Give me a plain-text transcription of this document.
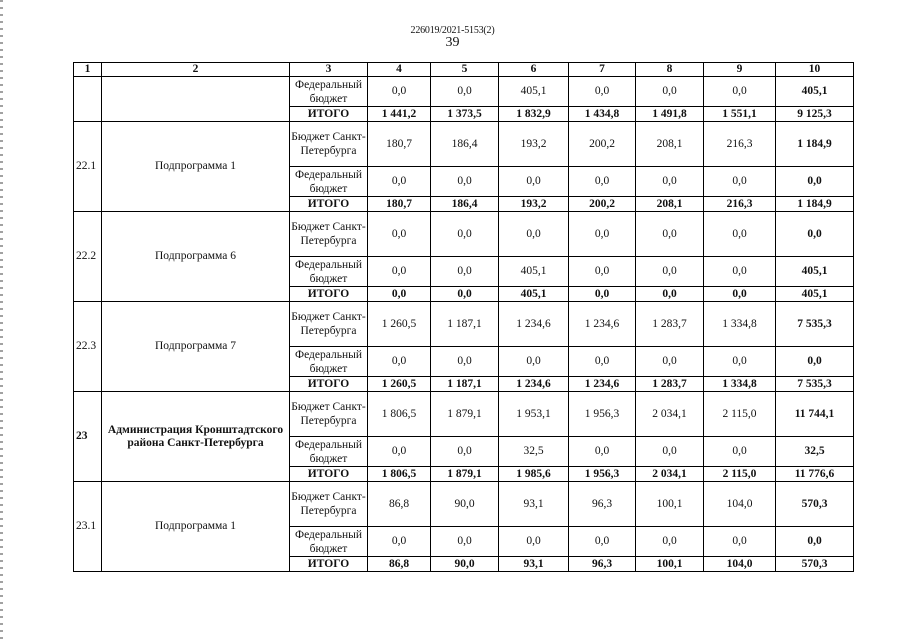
226019/2021-5153(2)
39
1	2	3	4	5	6	7	8	9	10
		Федеральный бюджет	0,0	0,0	405,1	0,0	0,0	0,0	405,1
		ИТОГО	1 441,2	1 373,5	1 832,9	1 434,8	1 491,8	1 551,1	9 125,3
22.1	Подпрограмма 1	Бюджет Санкт-Петербурга	180,7	186,4	193,2	200,2	208,1	216,3	1 184,9
		Федеральный бюджет	0,0	0,0	0,0	0,0	0,0	0,0	0,0
		ИТОГО	180,7	186,4	193,2	200,2	208,1	216,3	1 184,9
22.2	Подпрограмма 6	Бюджет Санкт-Петербурга	0,0	0,0	0,0	0,0	0,0	0,0	0,0
		Федеральный бюджет	0,0	0,0	405,1	0,0	0,0	0,0	405,1
		ИТОГО	0,0	0,0	405,1	0,0	0,0	0,0	405,1
22.3	Подпрограмма 7	Бюджет Санкт-Петербурга	1 260,5	1 187,1	1 234,6	1 234,6	1 283,7	1 334,8	7 535,3
		Федеральный бюджет	0,0	0,0	0,0	0,0	0,0	0,0	0,0
		ИТОГО	1 260,5	1 187,1	1 234,6	1 234,6	1 283,7	1 334,8	7 535,3
23	Администрация Кронштадтского района Санкт-Петербурга	Бюджет Санкт-Петербурга	1 806,5	1 879,1	1 953,1	1 956,3	2 034,1	2 115,0	11 744,1
		Федеральный бюджет	0,0	0,0	32,5	0,0	0,0	0,0	32,5
		ИТОГО	1 806,5	1 879,1	1 985,6	1 956,3	2 034,1	2 115,0	11 776,6
23.1	Подпрограмма 1	Бюджет Санкт-Петербурга	86,8	90,0	93,1	96,3	100,1	104,0	570,3
		Федеральный бюджет	0,0	0,0	0,0	0,0	0,0	0,0	0,0
		ИТОГО	86,8	90,0	93,1	96,3	100,1	104,0	570,3
